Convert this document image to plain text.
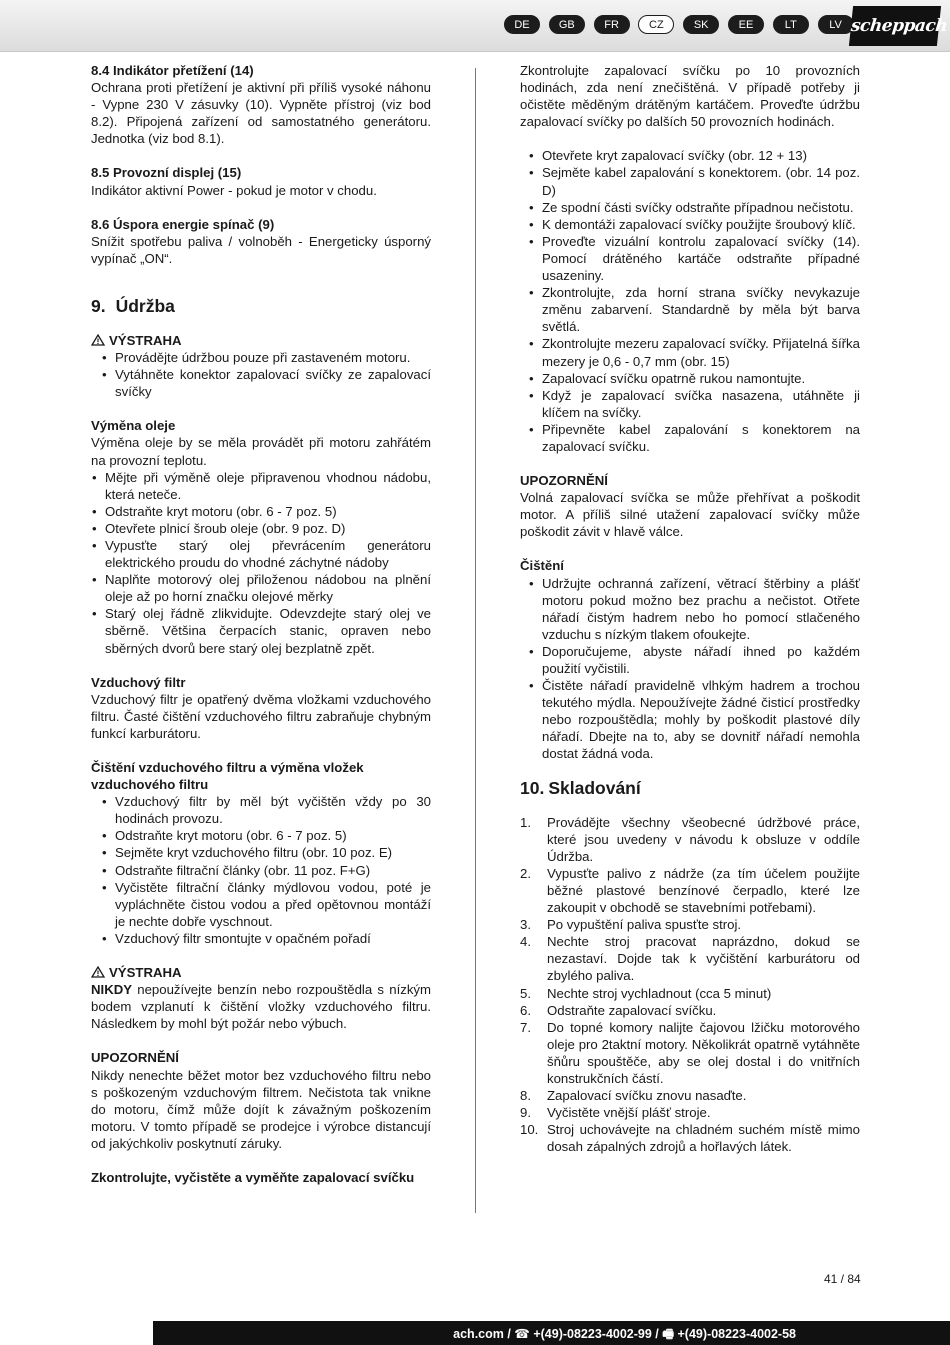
DE	GB	FR	CZ	SK	EE	LT	LV scheppach
8.4 Indikátor přetížení (14)

Ochrana proti přetížení je aktivní při příliš vysoké náhonu - Vypne 230 V zásuvky (10). Vypněte přístroj (viz bod 8.2). Připojená zařízení od samostatného generátoru. Jednotka (viz bod 8.1).

8.5 Provozní displej (15)

Indikátor aktivní Power - pokud je motor v chodu.

8.6 Úspora energie spínač (9)

Snížit spotřebu paliva / volnoběh - Energeticky úsporný vypínač „ON“.

9. Údržba
VÝSTRAHA
• Provádějte údržbou pouze při zastaveném motoru.
• Vytáhněte konektor zapalovací svíčky ze zapalovací svíčky
Výměna oleje

Výměna oleje by se měla provádět při motoru zahřátém na provozní teplotu.

• Mějte při výměně oleje připravenou vhodnou nádobu, která neteče.
• Odstraňte kryt motoru (obr. 6 - 7 poz. 5)
• Otevřete plnicí šroub oleje (obr. 9 poz. D)
• Vypusťte starý olej převrácením generátoru elektrického proudu do vhodné záchytné nádoby
• Naplňte motorový olej přiloženou nádobou na plnění oleje až po horní značku olejové měrky
• Starý olej řádně zlikvidujte. Odevzdejte starý olej ve sběrně. Většina čerpacích stanic, opraven nebo sběrných dvorů bere starý olej bezplatně zpět.
Vzduchový filtr

Vzduchový filtr je opatřený dvěma vložkami vzduchového filtru. Časté čištění vzduchového filtru zabraňuje chybným funkcí karburátoru.

Čištění vzduchového filtru a výměna vložek vzduchového filtru
• Vzduchový filtr by měl být vyčištěn vždy po 30 hodinách provozu.
• Odstraňte kryt motoru (obr. 6 - 7 poz. 5)
• Sejměte kryt vzduchového filtru (obr. 10 poz. E)
• Odstraňte filtrační články (obr. 11 poz. F+G)
• Vyčistěte filtrační články mýdlovou vodou, poté je vypláchněte čistou vodou a před opětovnou montáží je nechte dobře vyschnout.
• Vzduchový filtr smontujte v opačném pořadí
VÝSTRAHA

NIKDY nepoužívejte benzín nebo rozpouštědla s nízkým bodem vzplanutí k čištění vložky vzduchového filtru. Následkem by mohl být požár nebo výbuch.

UPOZORNĚNÍ

Nikdy nenechte běžet motor bez vzduchového filtru nebo s poškozeným vzduchovým filtrem. Nečistota tak vnikne do motoru, čímž může dojít k závažným poškozením motoru. V tomto případě se prodejce i výrobce distancují od jakýchkoliv poskytnutí záruky.

Zkontrolujte, vyčistěte a vyměňte zapalovací svíčku

Zkontrolujte zapalovací svíčku po 10 provozních hodinách, zda není znečištěná. V případě potřeby ji očistěte měděným drátěným kartáčem. Proveďte údržbu zapalovací svíčky po dalších 50 provozních hodinách.

• Otevřete kryt zapalovací svíčky (obr. 12 + 13)
• Sejměte kabel zapalování s konektorem. (obr. 14 poz. D)
• Ze spodní části svíčky odstraňte případnou nečistotu.
• K demontáži zapalovací svíčky použijte šroubový klíč.
• Proveďte vizuální kontrolu zapalovací svíčky (14). Pomocí drátěného kartáče odstraňte případné usazeniny.
• Zkontrolujte, zda horní strana svíčky nevykazuje změnu zabarvení. Standardně by měla být barva světlá.
• Zkontrolujte mezeru zapalovací svíčky. Přijatelná šířka mezery je 0,6 - 0,7 mm (obr. 15)
• Zapalovací svíčku opatrně rukou namontujte.
• Když je zapalovací svíčka nasazena, utáhněte ji klíčem na svíčky.
• Připevněte kabel zapalování s konektorem na zapalovací svíčku.
UPOZORNĚNÍ

Volná zapalovací svíčka se může přehřívat a poškodit motor. A příliš silné utažení zapalovací svíčky může poškodit závit v hlavě válce.

Čištění
• Udržujte ochranná zařízení, větrací štěrbiny a plášť motoru pokud možno bez prachu a nečistot. Otřete nářadí čistým hadrem nebo ho pomocí stlačeného vzduchu s nízkým tlakem ofoukejte.
• Doporučujeme, abyste nářadí ihned po každém použití vyčistili.
• Čistěte nářadí pravidelně vlhkým hadrem a trochou tekutého mýdla. Nepoužívejte žádné čisticí prostředky nebo rozpouštědla; mohly by poškodit plastové díly nářadí. Dbejte na to, aby se dovnitř nářadí nemohla dostat žádná voda.
10. Skladování
1. Provádějte všechny všeobecné údržbové práce, které jsou uvedeny v návodu k obsluze v oddíle Údržba.
2. Vypusťte palivo z nádrže (za tím účelem použijte běžné plastové benzínové čerpadlo, které lze zakoupit v obchodě se stavebními potřebami).
3. Po vypuštění paliva spusťte stroj.
4. Nechte stroj pracovat naprázdno, dokud se nezastaví. Dojde tak k vyčištění karburátoru od zbylého paliva.
5. Nechte stroj vychladnout (cca 5 minut)
6. Odstraňte zapalovací svíčku.
7. Do topné komory nalijte čajovou lžičku motorového oleje pro 2taktní motory. Několikrát opatrně vytáhněte šňůru spouštěče, aby se olej dostal i do vnitřních konstrukčních částí.
8. Zapalovací svíčku znovu nasaďte.
9. Vyčistěte vnější plášť stroje.
10. Stroj uchovávejte na chladném suchém místě mimo dosah zápalných zdrojů a hořlavých látek.
41 / 84
ach.com / ☎ +(49)-08223-4002-99 / 🖷 +(49)-08223-4002-58
